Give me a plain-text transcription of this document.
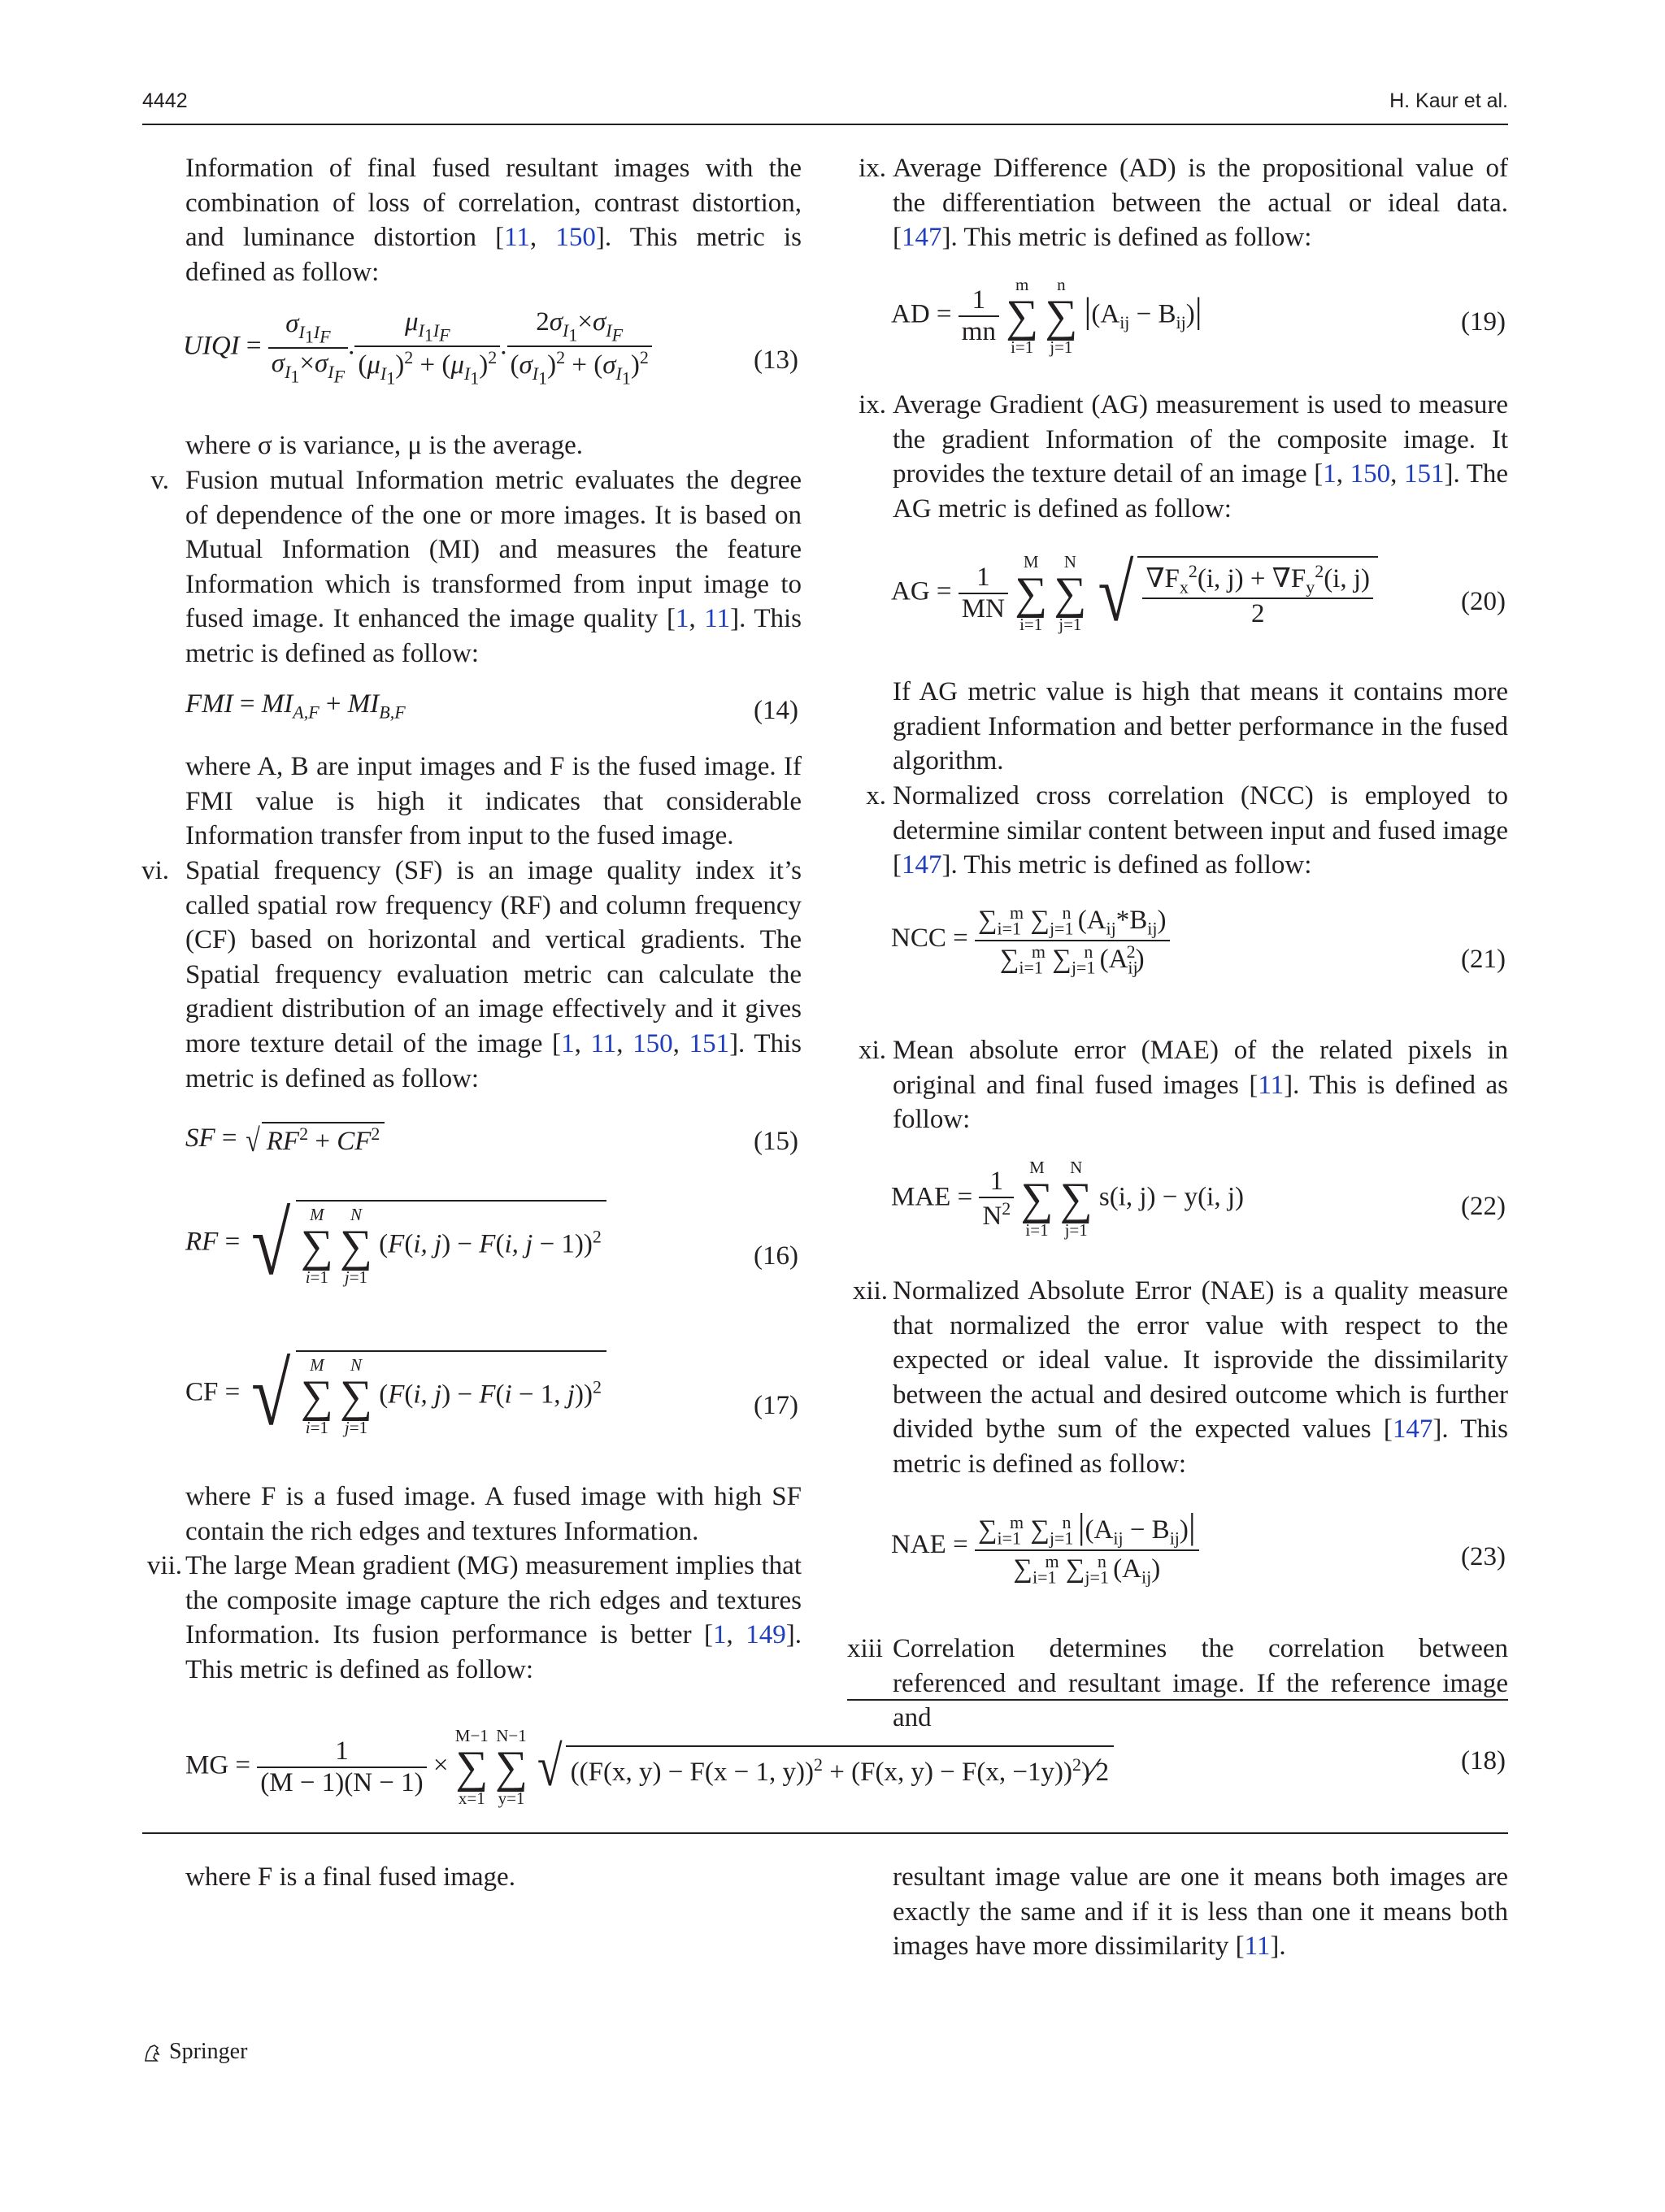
4442	H. Kaur et al.

Information of final fused resultant images with the combination of loss of correlation, contrast distortion, and luminance distortion [11, 150]. This metric is defined as follow:

UIQI = $\frac{\sigma_{I_1I_F}}{\sigma_{I_1}\times\sigma_{I_F}}$ . $\frac{\mu_{I_1I_F}}{(\mu_{I_1})^2 + (\mu_{I_1})^2}$ . $\frac{2\sigma_{I_1}\times\sigma_{I_F}}{(\sigma_{I_1})^2 + (\sigma_{I_1})^2}$	(13)

where σ is variance, μ is the average.

v. Fusion mutual Information metric evaluates the degree of dependence of the one or more images. It is based on Mutual Information (MI) and measures the feature Information which is transformed from input image to fused image. It enhanced the image quality [1, 11]. This metric is defined as follow:

FMI = $MI_{A,F} + MI_{B,F}$	(14)

where A, B are input images and F is the fused image. If FMI value is high it indicates that considerable Information transfer from input to the fused image.

vi. Spatial frequency (SF) is an image quality index it’s called spatial row frequency (RF) and column frequency (CF) based on horizontal and vertical gradients. The Spatial frequency evaluation metric can calculate the gradient distribution of an image effectively and it gives more texture detail of the image [1, 11, 150, 151]. This metric is defined as follow:

SF = √ $RF^2 + CF^2$	(15)
RF = √	M
∑
i=1

N
∑
j=1
(F(i, j) − F(i, j − 1))$^2$
(16)
CF = √	M
∑
i=1

N
∑
j=1
(F(i, j) − F(i − 1, j))$^2$
(17)

where F is a fused image. A fused image with high SF contain the rich edges and textures Information.

vii. The large Mean gradient (MG) measurement implies that the composite image capture the rich edges and textures Information. Its fusion performance is better [1, 149]. This metric is defined as follow:

ix. Average Difference (AD) is the propositional value of the differentiation between the actual or ideal data. [147]. This metric is defined as follow:

AD = $\frac{1}{mn}$

m
∑
i=1

n
∑
j=1
$|(A_{ij} - B_{ij})|$	(19)
ix. Average Gradient (AG) measurement is used to measure the gradient Information of the composite image. It provides the texture detail of an image [1, 150, 151]. The AG metric is defined as follow:

AG = $\frac{1}{MN}$

M
∑
i=1

N
∑
j=1 √ $\frac{\nabla F_x^2(i, j) + \nabla F_y^2(i, j)}{2}$	(20)

If AG metric value is high that means it contains more gradient Information and better performance in the fused algorithm.

x. Normalized cross correlation (NCC) is employed to determine similar content between input and fused image [147]. This metric is defined as follow:

NCC = $\frac{\sum_{i=1}^m \sum_{j=1}^n (A_{ij}*B_{ij})}{\sum_{i=1}^m \sum_{j=1}^n (A_{ij}^2)}$	(21)
xi. Mean absolute error (MAE) of the related pixels in original and final fused images [11]. This is defined as follow:

MAE = $\frac{1}{N^2}$
M
∑
i=1

N
∑
j=1
s(i, j) − y(i, j)	(22)
xii. Normalized Absolute Error (NAE) is a quality measure that normalized the error value with respect to the expected or ideal value. It isprovide the dissimilarity between the actual and desired outcome which is further divided bythe sum of the expected values [147]. This metric is defined as follow:

NAE = $\frac{\sum_{i=1}^m \sum_{j=1}^n |(A_{ij} - B_{ij})|}{\sum_{i=1}^m \sum_{j=1}^n (A_{ij})}$	(23)
xiii Correlation determines the correlation between referenced and resultant image. If the reference image and

MG = $\frac{1}{(M - 1)(N - 1)}$ ×
M−1
∑
x=1

N−1
∑
y=1 √ ((F(x, y) − F(x − 1, y))$^2$ + (F(x, y) − F(x, −1y))$^2$)⁄2	(18)

where F is a final fused image.	resultant image value are one it means both images are exactly the same and if it is less than one it means both images have more dissimilarity [11].

Springer
